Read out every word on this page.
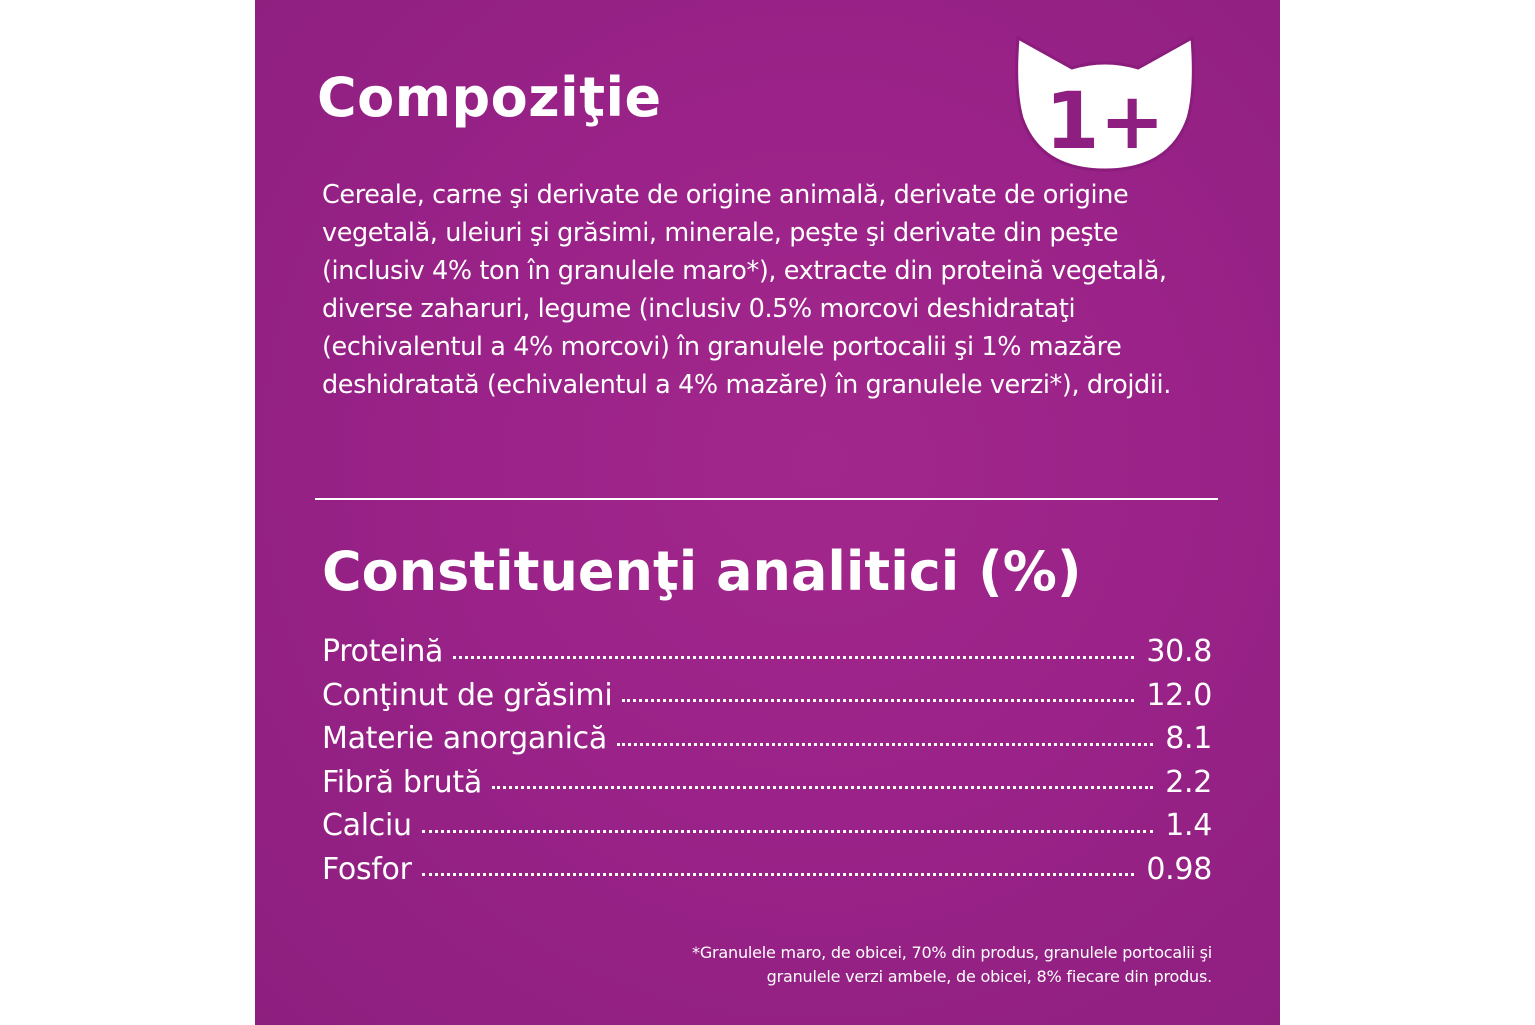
Compoziţie	1+

Cereale, carne şi derivate de origine animală, derivate de origine vegetală, uleiuri şi grăsimi, minerale, peşte şi derivate din peşte (inclusiv 4% ton în granulele maro*), extracte din proteină vegetală, diverse zaharuri, legume (inclusiv 0.5% morcovi deshidrataţi (echivalentul a 4% morcovi) în granulele portocalii şi 1% mazăre deshidratată (echivalentul a 4% mazăre) în granulele verzi*), drojdii.

Constituenţi analitici (%)
Proteină	30.8
Conţinut de grăsimi	12.0
Materie anorganică	8.1
Fibră brută	2.2
Calciu	1.4
Fosfor	0.98

*Granulele maro, de obicei, 70% din produs, granulele portocalii şi
granulele verzi ambele, de obicei, 8% fiecare din produs.
